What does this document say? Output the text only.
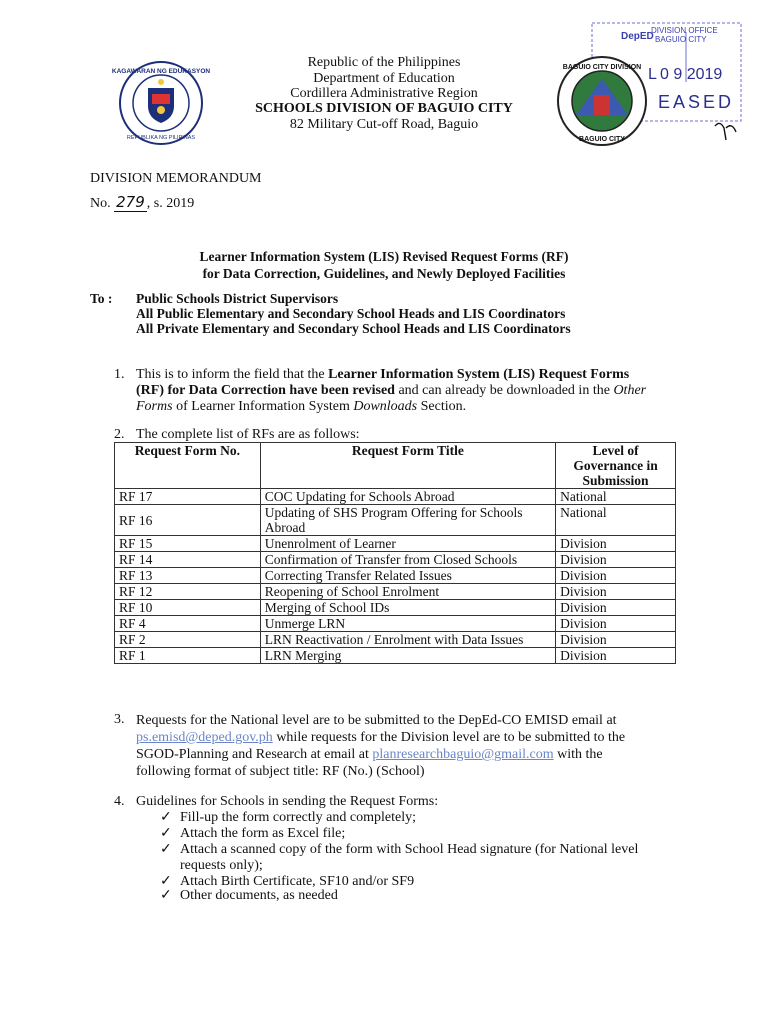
KAGAWARAN NG EDUKASYON
REPUBLIKA NG PILIPINAS
Republic of the Philippines
Department of Education
Cordillera Administrative Region
SCHOOLS DIVISION OF BAGUIO CITY
82 Military Cut-off Road, Baguio
DepED
DIVISION OFFICE
BAGUIO CITY
L 0 9 2019
EASED
BAGUIO CITY DIVISION
BAGUIO CITY
DIVISION MEMORANDUM
No. 279 , s. 2019
Learner Information System (LIS) Revised Request Forms (RF)
for Data Correction, Guidelines, and Newly Deployed Facilities
To : Public Schools District Supervisors
All Public Elementary and Secondary School Heads and LIS Coordinators
All Private Elementary and Secondary School Heads and LIS Coordinators
1. This is to inform the field that the Learner Information System (LIS) Request Forms
(RF) for Data Correction have been revised and can already be downloaded in the Other
Forms of Learner Information System Downloads Section.
2. The complete list of RFs are as follows:
Request Form No.	Request Form Title	Level of Governance in Submission
RF 17	COC Updating for Schools Abroad	National
RF 16	Updating of SHS Program Offering for Schools Abroad	National
RF 15	Unenrolment of Learner	Division
RF 14	Confirmation of Transfer from Closed Schools	Division
RF 13	Correcting Transfer Related Issues	Division
RF 12	Reopening of School Enrolment	Division
RF 10	Merging of School IDs	Division
RF 4	Unmerge LRN	Division
RF 2	LRN Reactivation / Enrolment with Data Issues	Division
RF 1	LRN Merging	Division
3. Requests for the National level are to be submitted to the DepEd-CO EMISD email at
ps.emisd@deped.gov.ph while requests for the Division level are to be submitted to the
SGOD-Planning and Research at email at planresearchbaguio@gmail.com with the
following format of subject title: RF (No.) (School)
4. Guidelines for Schools in sending the Request Forms:
✓ Fill-up the form correctly and completely;
✓ Attach the form as Excel file;
✓ Attach a scanned copy of the form with School Head signature (for National level
requests only);
✓ Attach Birth Certificate, SF10 and/or SF9
✓ Other documents, as needed
